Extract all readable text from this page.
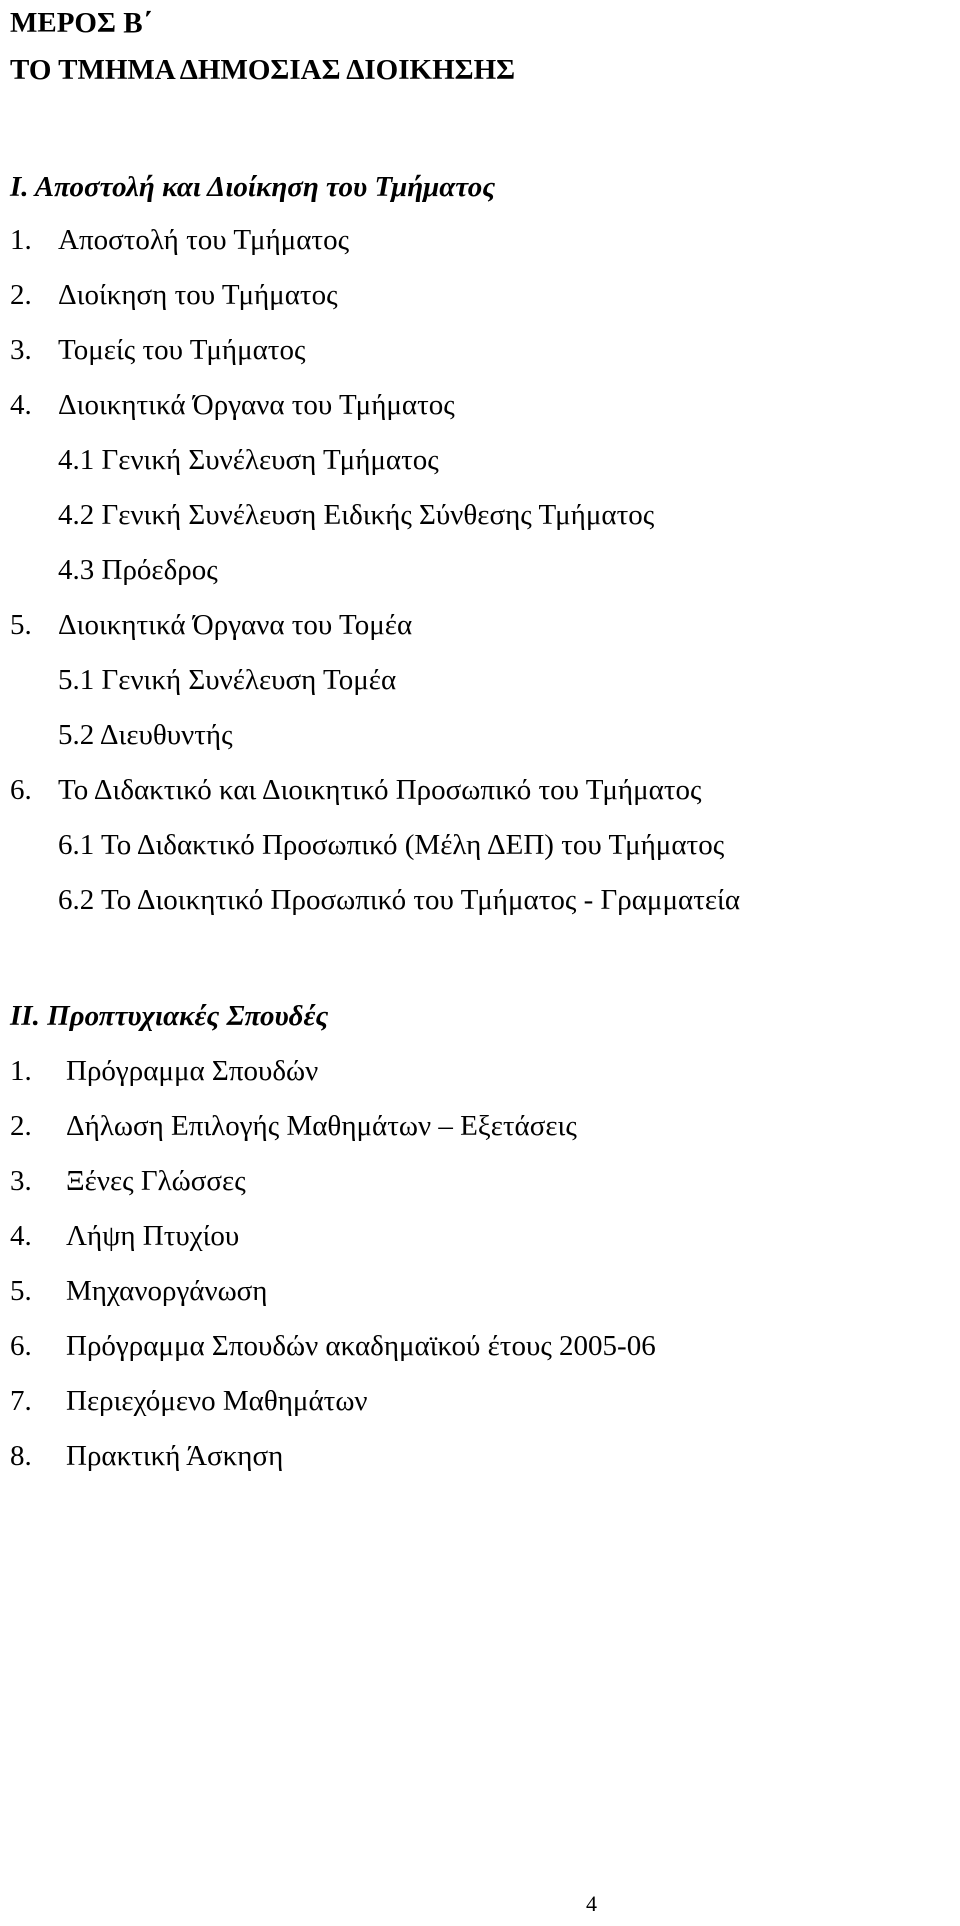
ΜΕΡΟΣ Β΄
ΤΟ ΤΜΗΜΑ ΔΗΜΟΣΙΑΣ ΔΙΟΙΚΗΣΗΣ
Ι. Αποστολή και Διοίκηση του Τμήματος
1. Αποστολή του Τμήματος
2. Διοίκηση του Τμήματος
3. Τομείς του Τμήματος
4. Διοικητικά Όργανα του Τμήματος
4.1 Γενική Συνέλευση Τμήματος
4.2 Γενική Συνέλευση Ειδικής Σύνθεσης Τμήματος
4.3 Πρόεδρος
5. Διοικητικά Όργανα του Τομέα
5.1 Γενική Συνέλευση Τομέα
5.2 Διευθυντής
6. Το Διδακτικό και Διοικητικό Προσωπικό του Τμήματος
6.1 Το Διδακτικό Προσωπικό (Μέλη ΔΕΠ) του Τμήματος
6.2 Το Διοικητικό Προσωπικό του Τμήματος - Γραμματεία
ΙΙ. Προπτυχιακές Σπουδές
1. Πρόγραμμα Σπουδών
2. Δήλωση Επιλογής Μαθημάτων – Εξετάσεις
3. Ξένες Γλώσσες
4. Λήψη Πτυχίου
5. Μηχανοργάνωση
6. Πρόγραμμα Σπουδών ακαδημαϊκού έτους 2005-06
7. Περιεχόμενο Μαθημάτων
8. Πρακτική Άσκηση
4
